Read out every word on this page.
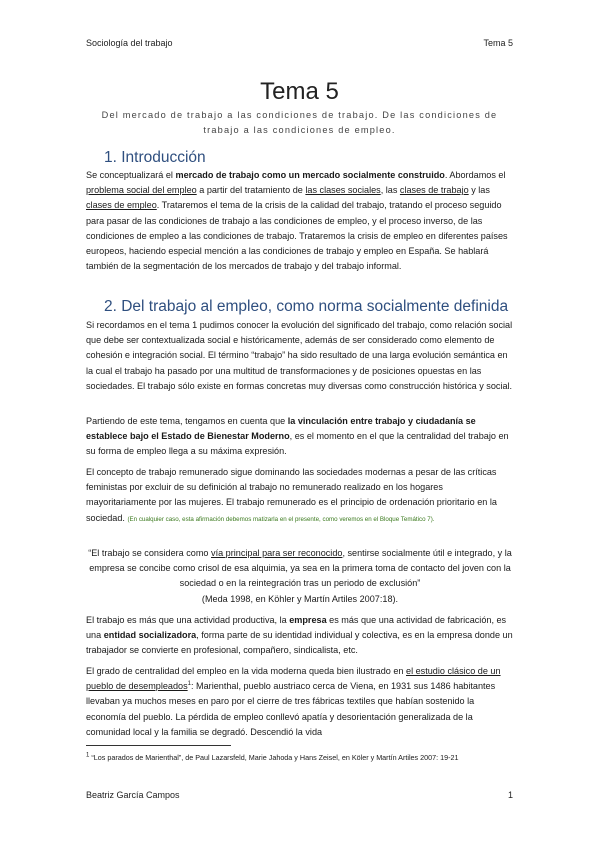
Sociología del trabajo	Tema 5
Tema 5
Del mercado de trabajo a las condiciones de trabajo. De las condiciones de trabajo a las condiciones de empleo.
1. Introducción

Se conceptualizará el mercado de trabajo como un mercado socialmente construido. Abordamos el problema social del empleo a partir del tratamiento de las clases sociales, las clases de trabajo y las clases de empleo. Trataremos el tema de la crisis de la calidad del trabajo, tratando el proceso seguido para pasar de las condiciones de trabajo a las condiciones de empleo, y el proceso inverso, de las condiciones de empleo a las condiciones de trabajo. Trataremos la crisis de empleo en diferentes países europeos, haciendo especial mención a las condiciones de trabajo y empleo en España. Se hablará también de la segmentación de los mercados de trabajo y del trabajo informal.

2. Del trabajo al empleo, como norma socialmente definida

Si recordamos en el tema 1 pudimos conocer la evolución del significado del trabajo, como relación social que debe ser contextualizada social e históricamente, además de ser considerado como elemento de cohesión e integración social. El término “trabajo” ha sido resultado de una larga evolución semántica en la cual el trabajo ha pasado por una multitud de transformaciones y de posiciones opuestas en las sociedades. El trabajo sólo existe en formas concretas muy diversas como construcción histórica y social.

Partiendo de este tema, tengamos en cuenta que la vinculación entre trabajo y ciudadanía se establece bajo el Estado de Bienestar Moderno, es el momento en el que la centralidad del trabajo en su forma de empleo llega a su máxima expresión.

El concepto de trabajo remunerado sigue dominando las sociedades modernas a pesar de las críticas feministas por excluir de su definición al trabajo no remunerado realizado en los hogares mayoritariamente por las mujeres. El trabajo remunerado es el principio de ordenación prioritario en la sociedad. (En cualquier caso, esta afirmación debemos matizarla en el presente, como veremos en el Bloque Temático 7).

“El trabajo se considera como vía principal para ser reconocido, sentirse socialmente útil e integrado, y la empresa se concibe como crisol de esa alquimia, ya sea en la primera toma de contacto del joven con la sociedad o en la reintegración tras un periodo de exclusión”
(Meda 1998, en Köhler y Martín Artiles 2007:18).

El trabajo es más que una actividad productiva, la empresa es más que una actividad de fabricación, es una entidad socializadora, forma parte de su identidad individual y colectiva, es en la empresa donde un trabajador se convierte en profesional, compañero, sindicalista, etc.

El grado de centralidad del empleo en la vida moderna queda bien ilustrado en el estudio clásico de un pueblo de desempleados$^1$: Marienthal, pueblo austriaco cerca de Viena, en 1931 sus 1486 habitantes llevaban ya muchos meses en paro por el cierre de tres fábricas textiles que habían sostenido la economía del pueblo. La pérdida de empleo conllevó apatía y desorientación generalizada de la comunidad local y la familia se degradó. Descendió la vida

$^1$ “Los parados de Marienthal”, de Paul Lazarsfeld, Marie Jahoda y Hans Zeisel, en Köler y Martín Artiles 2007: 19-21
Beatriz García Campos	1
